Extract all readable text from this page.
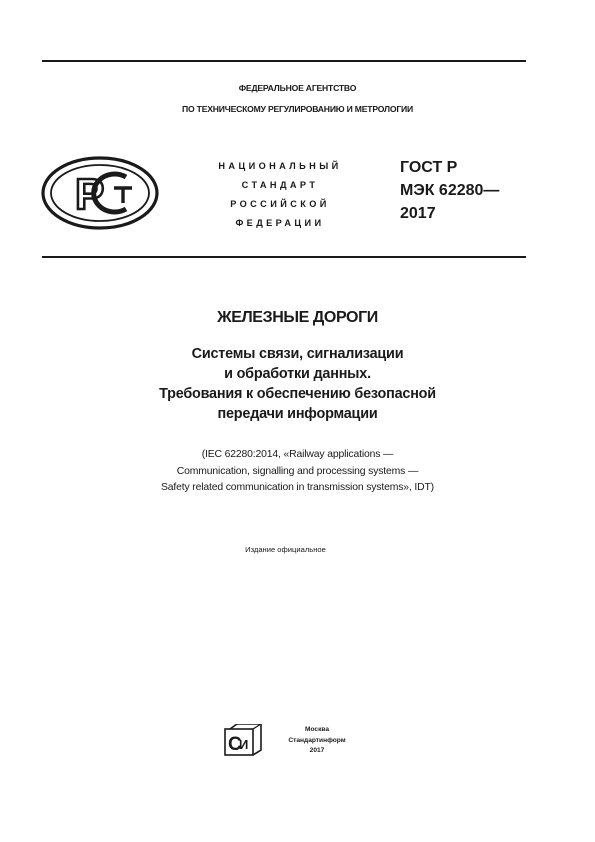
ФЕДЕРАЛЬНОЕ АГЕНТСТВО
ПО ТЕХНИЧЕСКОМУ РЕГУЛИРОВАНИЮ И МЕТРОЛОГИИ
Р
НАЦИОНАЛЬНЫЙ
СТАНДАРТ
РОССИЙСКОЙ
ФЕДЕРАЦИИ
ГОСТ Р
МЭК 62280—
2017
ЖЕЛЕЗНЫЕ ДОРОГИ
Системы связи, сигнализации
и обработки данных.
Требования к обеспечению безопасной
передачи информации
(IEC 62280:2014, «Railway applications —
Communication, signalling and processing systems —
Safety related communication in transmission systems», IDT)
Издание официальное
С
И
Москва
Стандартинформ
2017
